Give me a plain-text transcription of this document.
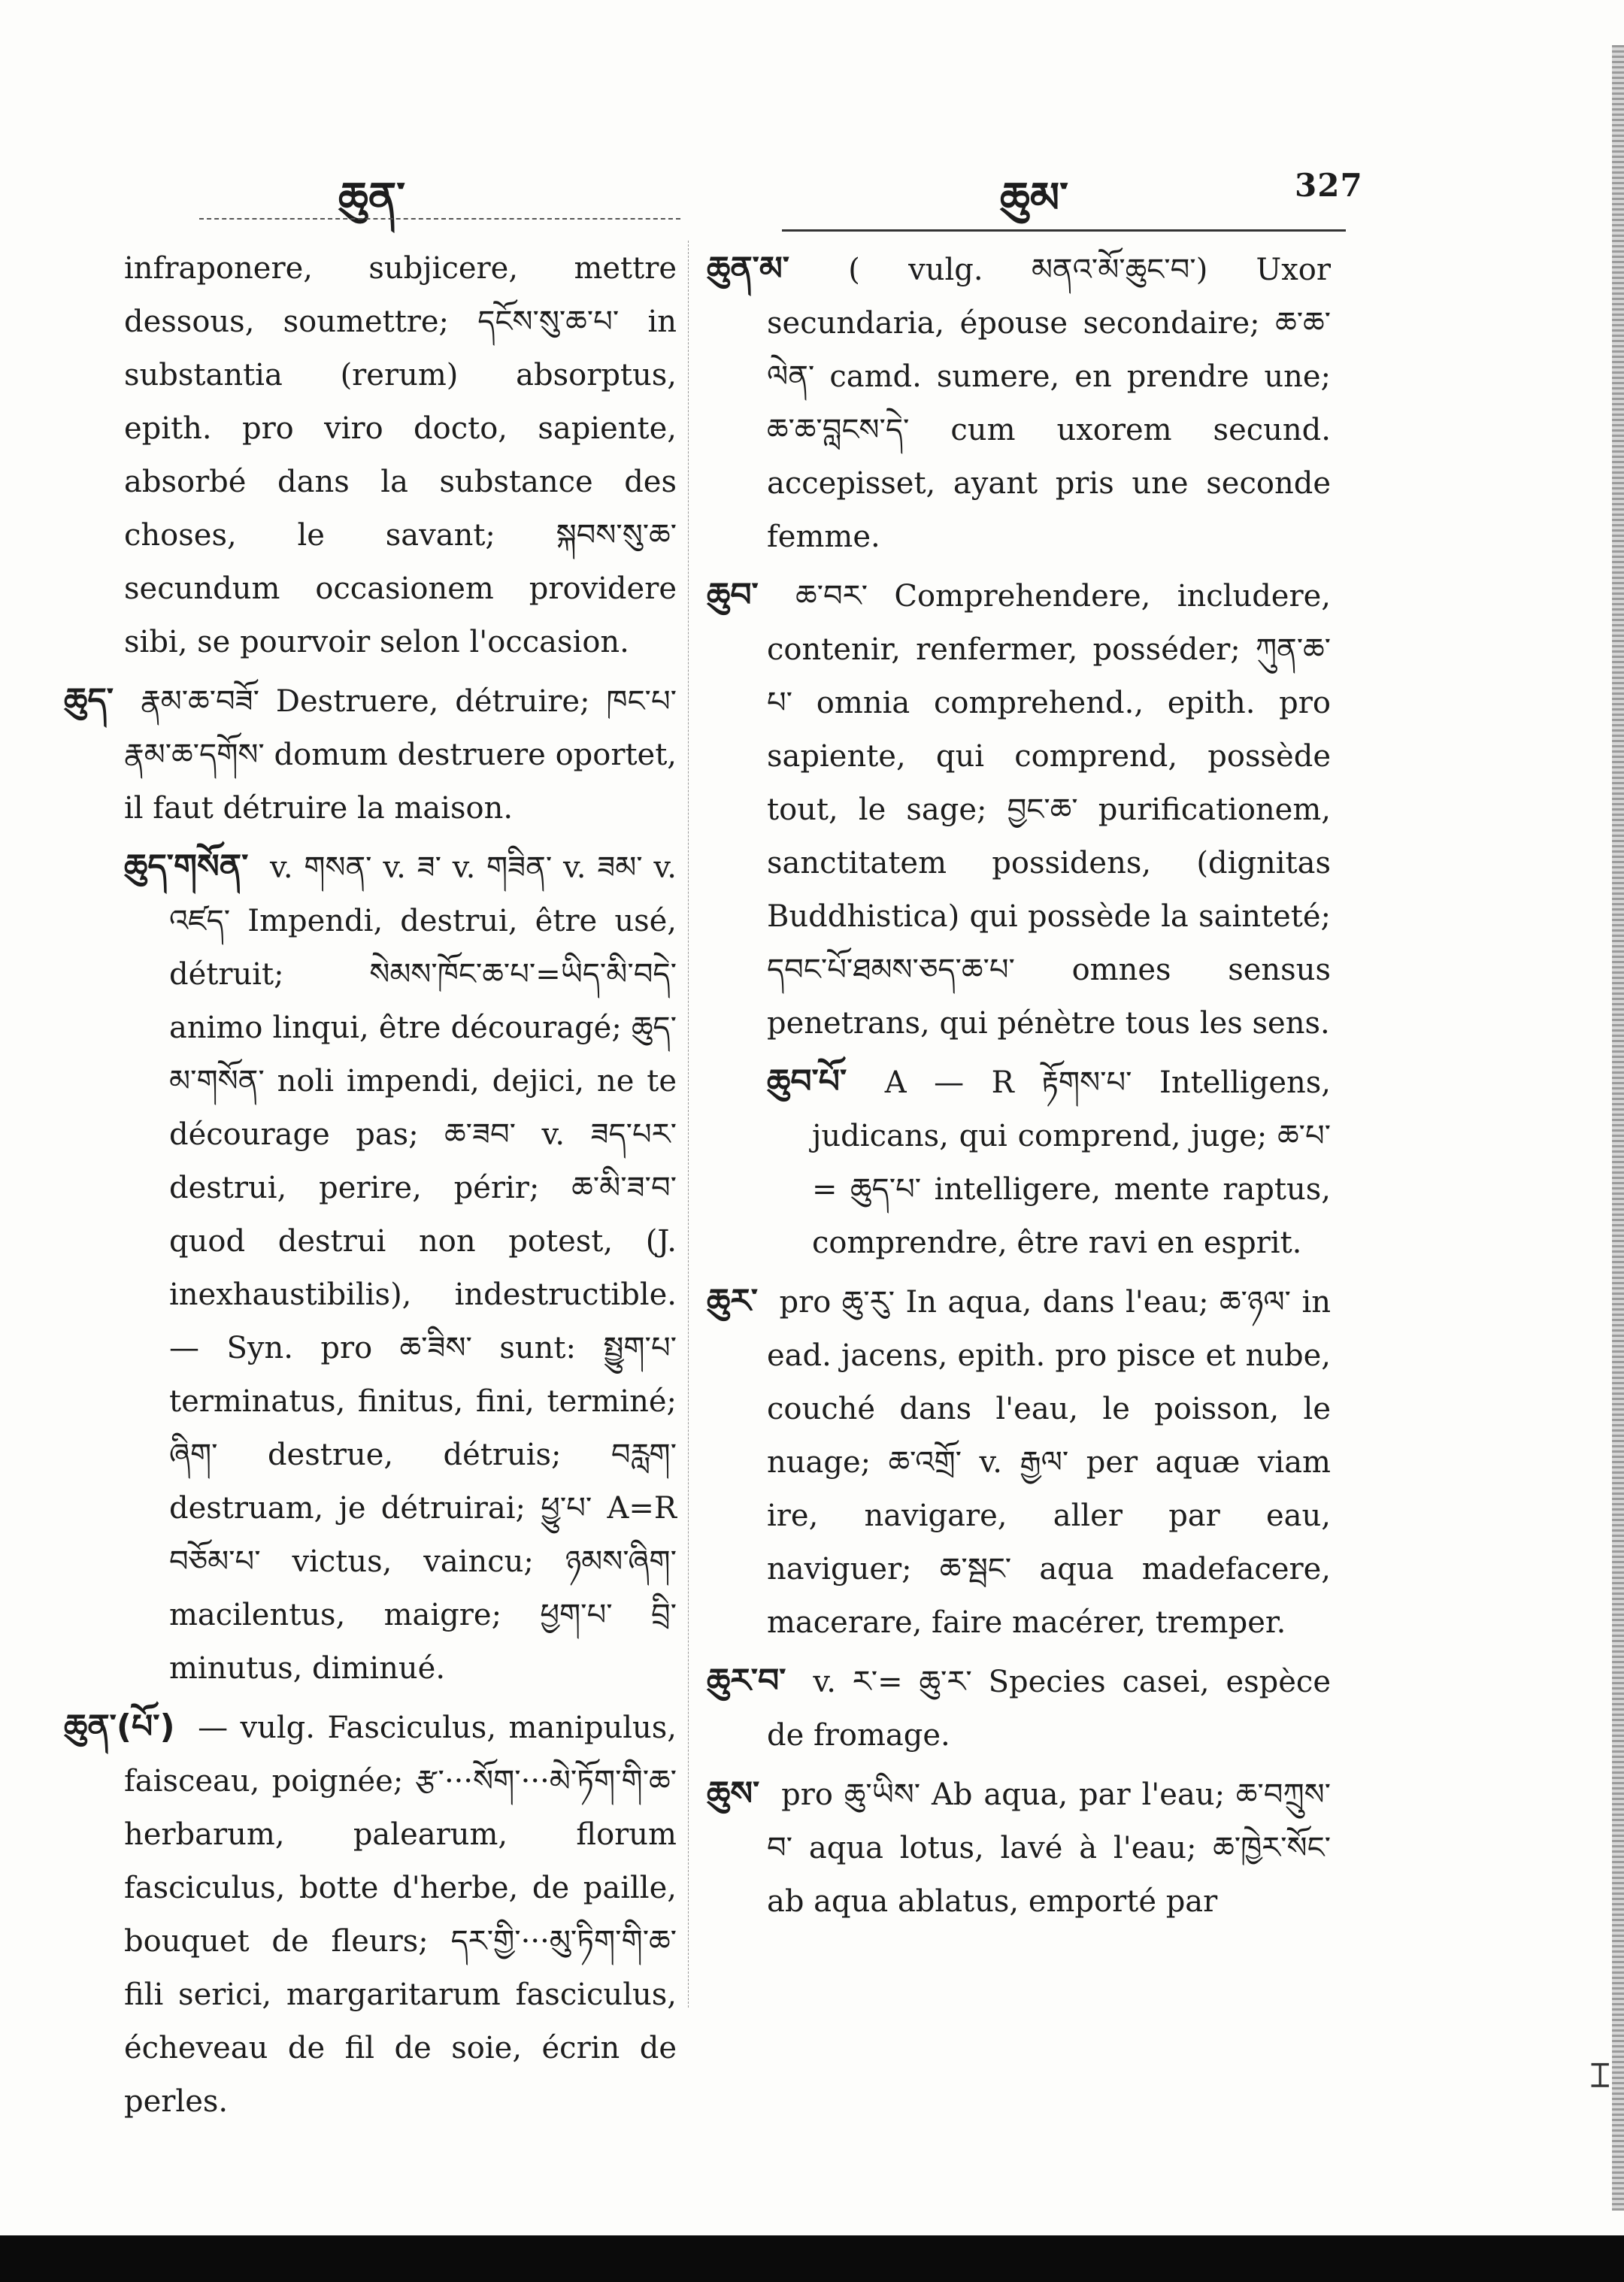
ཆུན་	ཆུམ་	327

infraponere, subjicere, mettre dessous, soumettre; དངོས་སུ་ཆ་པ་ in substantia (rerum) absorptus, epith. pro viro docto, sapiente, absorbé dans la substance des choses, le savant; སྐབས་སུ་ཆ་ secundum occasionem providere sibi, se pourvoir selon l'occasion.

ཆུད་ རྣམ་ཆ་བཟོ་ Destruere, détruire; ཁང་པ་རྣམ་ཆ་དགོས་ domum destruere oportet, il faut détruire la maison.

ཆུད་གསོན་ v. གསན་ v. ཟ་ v. གཟིན་ v. ཟམ་ v. འཛད་ Impendi, destrui, être usé, détruit; སེམས་ཁོང་ཆ་པ་=ཡིད་མི་བདེ་ animo linqui, être découragé; ཆུད་མ་གསོན་ noli impendi, dejici, ne te décourage pas; ཆ་ཟབ་ v. ཟད་པར་ destrui, perire, périr; ཆ་མི་ཟ་བ་ quod destrui non potest, (J. inexhaustibilis), indestructible. — Syn. pro ཆ་ཟིས་ sunt: སྤྱུག་པ་ terminatus, finitus, fini, terminé; ཞིག་ destrue, détruis; བརླག་ destruam, je détruirai; ཕྱུ་པ་ A=R བཅོམ་པ་ victus, vaincu; ཉམས་ཞིག་ macilentus, maigre; ཕྱག་པ་ བྲི་ minutus, diminué.

ཆུན་(པོ་) — vulg. Fasciculus, manipulus, faisceau, poignée; རྩ་···སོག་···མེ་ཏོག་གི་ཆ་ herbarum, palearum, florum fasciculus, botte d'herbe, de paille, bouquet de fleurs; དར་གྱི་···མུ་ཏིག་གི་ཆ་ fili serici, margaritarum fasciculus, écheveau de fil de soie, écrin de perles.

ཆུན་མ་ ( vulg. མནའ་མོ་ཆུང་བ་) Uxor secundaria, épouse secondaire; ཆ་ཆ་ལེན་ camd. sumere, en prendre une; ཆ་ཆ་བླངས་དེ་ cum uxorem secund. accepisset, ayant pris une seconde femme.

ཆུབ་ ཆ་བར་ Comprehendere, includere, contenir, renfermer, posséder; ཀུན་ཆ་པ་ omnia comprehend., epith. pro sapiente, qui comprend, possède tout, le sage; བྱང་ཆ་ purificationem, sanctitatem possidens, (dignitas Buddhistica) qui possède la sainteté; དབང་པོ་ཐམས་ཅད་ཆ་པ་ omnes sensus penetrans, qui pénètre tous les sens.

ཆུབ་པོ་ A — R རྟོགས་པ་ Intelligens, judicans, qui comprend, juge; ཆ་པ་= ཆུད་པ་ intelligere, mente raptus, comprendre, être ravi en esprit.

ཆུར་ pro ཆུ་རུ་ In aqua, dans l'eau; ཆ་ཉལ་ in ead. jacens, epith. pro pisce et nube, couché dans l'eau, le poisson, le nuage; ཆ་འགྲོ་ v. རྒྱལ་ per aquæ viam ire, navigare, aller par eau, naviguer; ཆ་སྦང་ aqua madefacere, macerare, faire macérer, tremper.

ཆུར་བ་ v. ར་= ཆུ་ར་ Species casei, espèce de fromage.

ཆུས་ pro ཆུ་ཡིས་ Ab aqua, par l'eau; ཆ་བཀྲུས་བ་ aqua lotus, lavé à l'eau; ཆ་ཁྱེར་སོང་ ab aqua ablatus, emporté par

⌶
